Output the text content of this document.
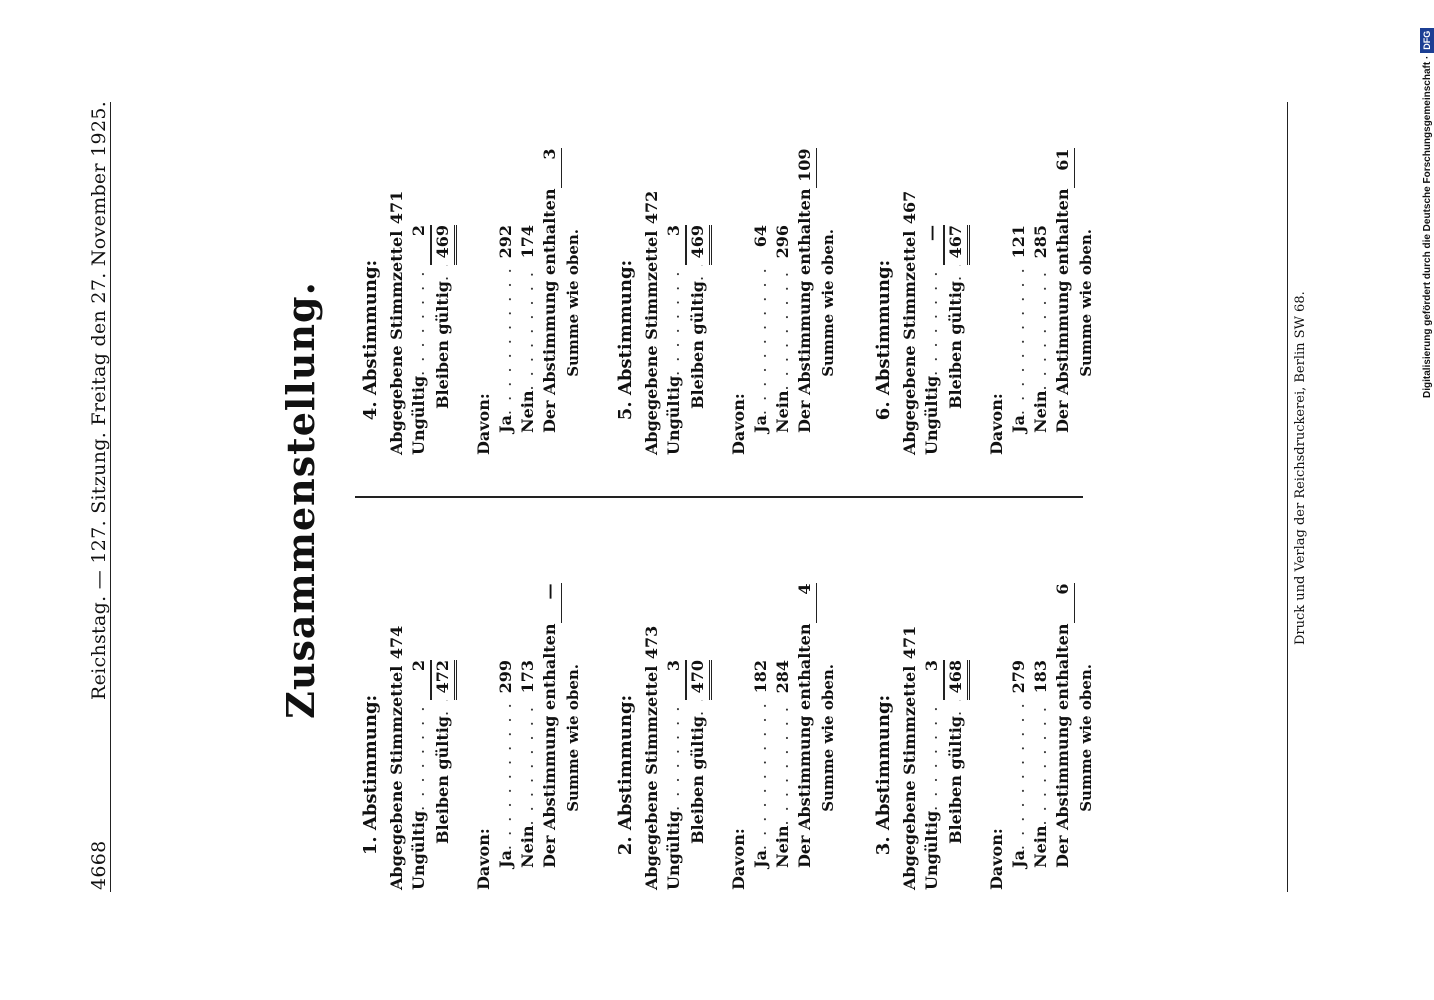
4668
Reichstag. — 127. Sitzung. Freitag den 27. November 1925.	Zusammenstellung.
1. Abstimmung: Abgegebene Stimmzettel
474
Ungültig
. . .
2
Bleiben gültig
. . .
472
Davon: Ja
. . .
299
Nein
. . .
173 Der Abstimmung enthalten
—
Summe wie oben. 2. Abstimmung: Abgegebene Stimmzettel
473
Ungültig
. . .
3
Bleiben gültig
. . .
470
Davon: Ja
. . .
182
Nein
. . .
284 Der Abstimmung enthalten
4
Summe wie oben. 3. Abstimmung: Abgegebene Stimmzettel
471
Ungültig
. . .
3
Bleiben gültig
. . .
468
Davon: Ja
. . .
279
Nein
. . .
183 Der Abstimmung enthalten
6
Summe wie oben.
4. Abstimmung: Abgegebene Stimmzettel
471
Ungültig
. . .
2
Bleiben gültig
. . .
469
Davon: Ja
. . .
292
Nein
. . .
174 Der Abstimmung enthalten
3
Summe wie oben. 5. Abstimmung: Abgegebene Stimmzettel
472
Ungültig
. . .
3
Bleiben gültig
. . .
469
Davon: Ja
. . .
64
Nein
. . .
296 Der Abstimmung enthalten
109
Summe wie oben. 6. Abstimmung: Abgegebene Stimmzettel
467
Ungültig
. . .
—
Bleiben gültig
. . .
467
Davon: Ja
. . .
121
Nein
. . .
285 Der Abstimmung enthalten
61
Summe wie oben.	Druck und Verlag der Reichsdruckerei, Berlin SW 68.
Digitalisierung gefördert durch die Deutsche Forschungsgemeinschaft ·DFG
